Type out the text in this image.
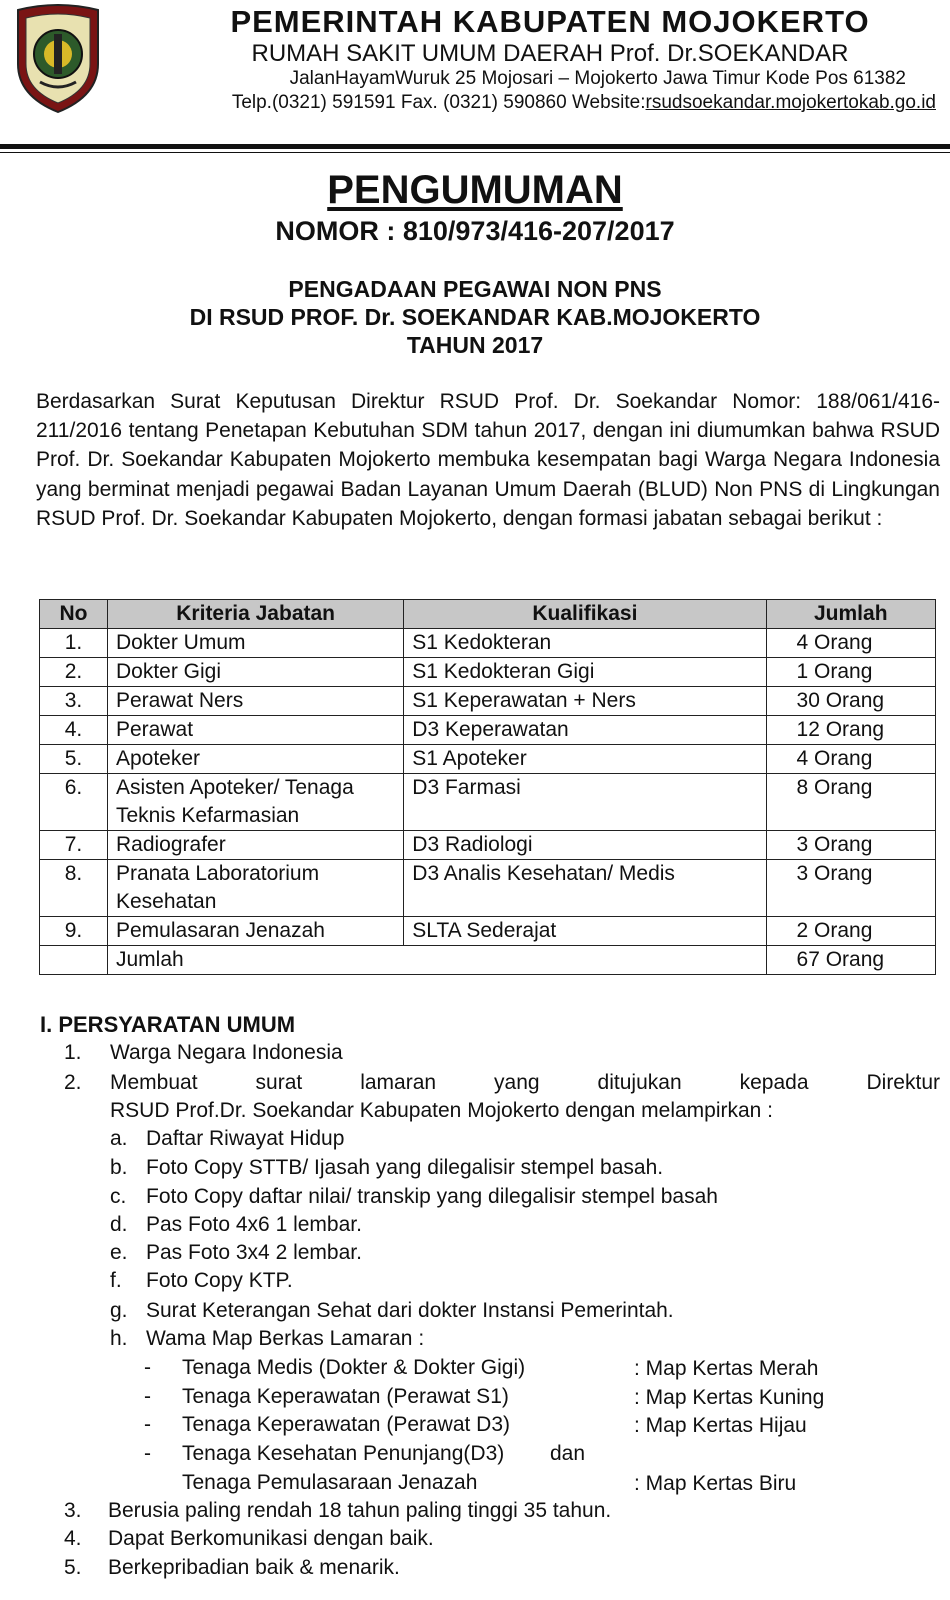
PEMERINTAH KABUPATEN MOJOKERTO
RUMAH SAKIT UMUM DAERAH Prof. Dr.SOEKANDAR
JalanHayamWuruk 25 Mojosari – Mojokerto Jawa Timur Kode Pos 61382
Telp.(0321) 591591 Fax. (0321) 590860 Website:rsudsoekandar.mojokertokab.go.id
PENGUMUMAN
NOMOR : 810/973/416-207/2017
PENGADAAN PEGAWAI NON PNS
DI RSUD PROF. Dr. SOEKANDAR KAB.MOJOKERTO
TAHUN 2017
Berdasarkan Surat Keputusan Direktur RSUD Prof. Dr. Soekandar Nomor: 188/061/416-211/2016 tentang Penetapan Kebutuhan SDM tahun 2017, dengan ini diumumkan bahwa RSUD Prof. Dr. Soekandar Kabupaten Mojokerto membuka kesempatan bagi Warga Negara Indonesia yang berminat menjadi pegawai Badan Layanan Umum Daerah (BLUD) Non PNS di Lingkungan RSUD Prof. Dr. Soekandar Kabupaten Mojokerto, dengan formasi jabatan sebagai berikut :
No	Kriteria Jabatan	Kualifikasi	Jumlah
1.	Dokter Umum	S1 Kedokteran	4 Orang
2.	Dokter Gigi	S1 Kedokteran Gigi	1 Orang
3.	Perawat Ners	S1 Keperawatan + Ners	30 Orang
4.	Perawat	D3 Keperawatan	12 Orang
5.	Apoteker	S1 Apoteker	4 Orang
6.	Asisten Apoteker/ Tenaga Teknis Kefarmasian	D3 Farmasi	8 Orang
7.	Radiografer	D3 Radiologi	3 Orang
8.	Pranata Laboratorium Kesehatan	D3 Analis Kesehatan/ Medis	3 Orang
9.	Pemulasaran Jenazah	SLTA Sederajat	2 Orang
	Jumlah		67 Orang
I. PERSYARATAN UMUM
1. Warga Negara Indonesia
2. Membuat surat lamaran yang ditujukan kepada Direktur
RSUD Prof.Dr. Soekandar Kabupaten Mojokerto dengan melampirkan :
a. Daftar Riwayat Hidup
b. Foto Copy STTB/ Ijasah yang dilegalisir stempel basah.
c. Foto Copy daftar nilai/ transkip yang dilegalisir stempel basah
d. Pas Foto 4x6 1 lembar.
e. Pas Foto 3x4 2 lembar.
f. Foto Copy KTP.
g. Surat Keterangan Sehat dari dokter Instansi Pemerintah.
h. Wama Map Berkas Lamaran :
- Tenaga Medis (Dokter & Dokter Gigi)	: Map Kertas Merah
- Tenaga Keperawatan (Perawat S1)	: Map Kertas Kuning
- Tenaga Keperawatan (Perawat D3)	: Map Kertas Hijau
- Tenaga Kesehatan Penunjang(D3) dan
Tenaga Pemulasaraan Jenazah	: Map Kertas Biru
3. Berusia paling rendah 18 tahun paling tinggi 35 tahun.
4. Dapat Berkomunikasi dengan baik.
5. Berkepribadian baik & menarik.
